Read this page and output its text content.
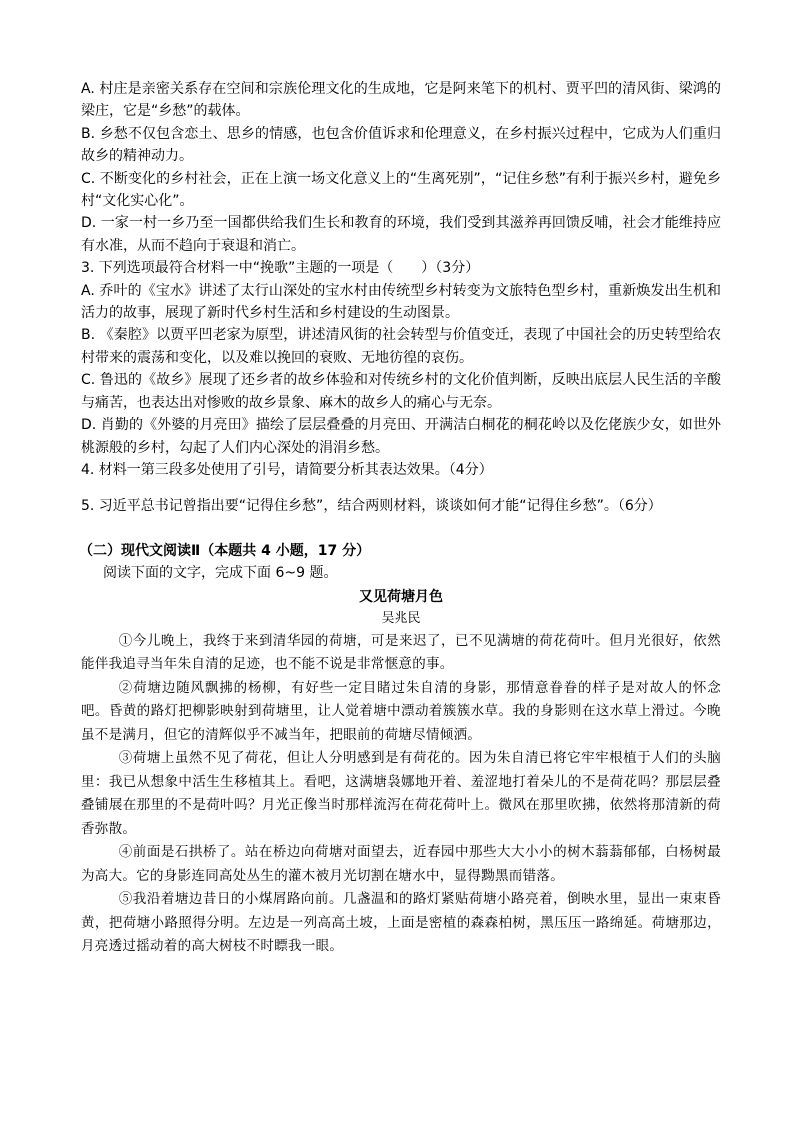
A. 村庄是亲密关系存在空间和宗族伦理文化的生成地，它是阿来笔下的机村、贾平凹的清风街、梁鸿的梁庄，它是“乡愁”的载体。

B. 乡愁不仅包含恋土、思乡的情感，也包含价值诉求和伦理意义，在乡村振兴过程中，它成为人们重归故乡的精神动力。

C. 不断变化的乡村社会，正在上演一场文化意义上的“生离死别”，“记住乡愁”有利于振兴乡村，避免乡村“文化实心化”。

D. 一家一村一乡乃至一国都供给我们生长和教育的环境，我们受到其滋养再回馈反哺，社会才能维持应有水准，从而不趋向于衰退和消亡。

3. 下列选项最符合材料一中“挽歌”主题的一项是（　　）（3分）

A. 乔叶的《宝水》讲述了太行山深处的宝水村由传统型乡村转变为文旅特色型乡村，重新焕发出生机和活力的故事，展现了新时代乡村生活和乡村建设的生动图景。

B. 《秦腔》以贾平凹老家为原型，讲述清风街的社会转型与价值变迁，表现了中国社会的历史转型给农村带来的震荡和变化，以及难以挽回的衰败、无地彷徨的哀伤。

C. 鲁迅的《故乡》展现了还乡者的故乡体验和对传统乡村的文化价值判断，反映出底层人民生活的辛酸与痛苦，也表达出对惨败的故乡景象、麻木的故乡人的痛心与无奈。

D. 肖勤的《外婆的月亮田》描绘了层层叠叠的月亮田、开满洁白桐花的桐花岭以及仡佬族少女，如世外桃源般的乡村，勾起了人们内心深处的涓涓乡愁。

4. 材料一第三段多处使用了引号，请简要分析其表达效果。（4分）

5. 习近平总书记曾指出要“记得住乡愁”，结合两则材料，谈谈如何才能“记得住乡愁”。（6分）

（二）现代文阅读Ⅱ（本题共 4 小题，17 分）
阅读下面的文字，完成下面 6~9 题。
又见荷塘月色
吴兆民

①今儿晚上，我终于来到清华园的荷塘，可是来迟了，已不见满塘的荷花荷叶。但月光很好，依然能伴我追寻当年朱自清的足迹，也不能不说是非常惬意的事。

②荷塘边随风飘拂的杨柳，有好些一定目睹过朱自清的身影，那情意眷眷的样子是对故人的怀念吧。昏黄的路灯把柳影映射到荷塘里，让人觉着塘中漂动着簇簇水草。我的身影则在这水草上滑过。今晚虽不是满月，但它的清辉似乎不减当年，把眼前的荷塘尽情倾洒。

③荷塘上虽然不见了荷花，但让人分明感到是有荷花的。因为朱自清已将它牢牢根植于人们的头脑里：我已从想象中活生生移植其上。看吧，这满塘袅娜地开着、羞涩地打着朵儿的不是荷花吗？那层层叠叠铺展在那里的不是荷叶吗？月光正像当时那样流泻在荷花荷叶上。微风在那里吹拂，依然将那清新的荷香弥散。

④前面是石拱桥了。站在桥边向荷塘对面望去，近春园中那些大大小小的树木蓊蓊郁郁，白杨树最为高大。它的身影连同高处丛生的灌木被月光切割在塘水中，显得黝黑而错落。

⑤我沿着塘边昔日的小煤屑路向前。几盏温和的路灯紧贴荷塘小路亮着，倒映水里，显出一束束昏黄，把荷塘小路照得分明。左边是一列高高土坡，上面是密植的森森柏树，黑压压一路绵延。荷塘那边，月亮透过摇动着的高大树枝不时瞟我一眼。
